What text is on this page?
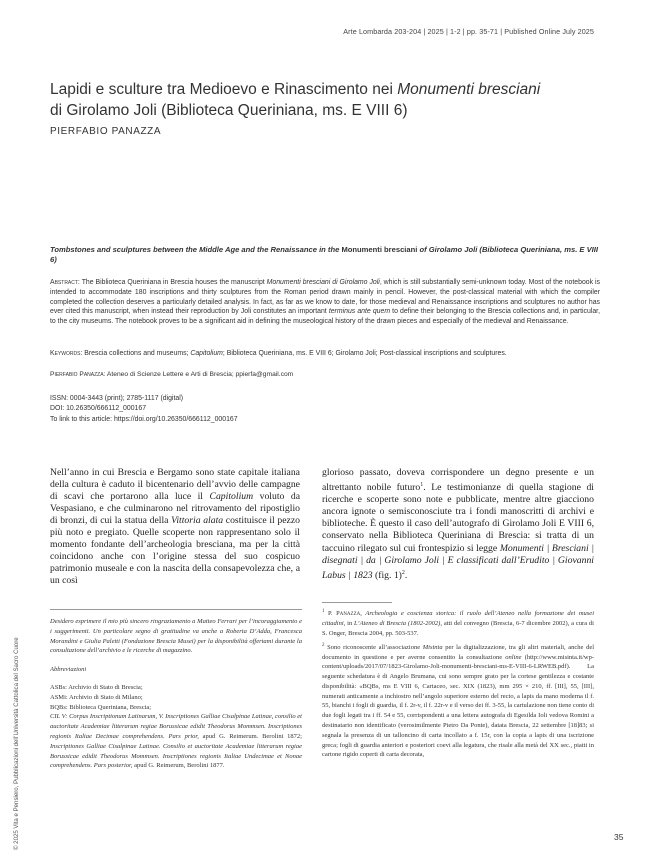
Arte Lombarda 203-204 | 2025 | 1-2 | pp. 35-71 | Published Online July 2025
Lapidi e sculture tra Medioevo e Rinascimento nei Monumenti bresciani
di Girolamo Joli (Biblioteca Queriniana, ms. E VIII 6)
PIERFABIO PANAZZA

Tombstones and sculptures between the Middle Age and the Renaissance in the Monumenti bresciani of Girolamo Joli (Biblioteca Queriniana, ms. E VIII 6)

Abstract: The Biblioteca Queriniana in Brescia houses the manuscript Monumenti bresciani di Girolamo Joli, which is still substantially semi-unknown today. Most of the notebook is intended to accommodate 180 inscriptions and thirty sculptures from the Roman period drawn mainly in pencil. However, the post-classical material with which the compiler completed the collection deserves a particularly detailed analysis. In fact, as far as we know to date, for those medieval and Renaissance inscriptions and sculptures no author has ever cited this manuscript, when instead their reproduction by Joli constitutes an important terminus ante quem to define their belonging to the Brescia collections and, in particular, to the city museums. The notebook proves to be a significant aid in defining the museological history of the drawn pieces and especially of the medieval and Renaissance.

Keywords: Brescia collections and museums; Capitolium; Biblioteca Queriniana, ms. E VIII 6; Girolamo Joli; Post-classical inscriptions and sculptures.

Pierfabio Panazza: Ateneo di Scienze Lettere e Arti di Brescia; ppierfa@gmail.com

ISSN: 0004-3443 (print); 2785-1117 (digital)
DOI: 10.26350/666112_000167
To link to this article: https://doi.org/10.26350/666112_000167

Nell’anno in cui Brescia e Bergamo sono state capitale italiana della cultura è caduto il bicentenario dell’avvio delle campagne di scavi che portarono alla luce il Capitolium voluto da Vespasiano, e che culminarono nel ritrovamento del ripostiglio di bronzi, di cui la statua della Vittoria alata costituisce il pezzo più noto e pregiato. Quelle scoperte non rappresentano solo il momento fondante dell’archeologia bresciana, ma per la città coincidono anche con l’origine stessa del suo cospicuo patrimonio museale e con la nascita della consapevolezza che, a un così

glorioso passato, doveva corrispondere un degno presente e un altrettanto nobile futuro$^1$. Le testimonianze di quella stagione di ricerche e scoperte sono note e pubblicate, mentre altre giacciono ancora ignote o semisconosciute tra i fondi manoscritti di archivi e biblioteche. È questo il caso dell’autografo di Girolamo Joli E VIII 6, conservato nella Biblioteca Queriniana di Brescia: si tratta di un taccuino rilegato sul cui frontespizio si legge Monumenti | Bresciani | disegnati | da | Girolamo Joli | E classificati dall’Erudito | Giovanni Labus | 1823 (fig. 1)$^2$.

Desidero esprimere il mio più sincero ringraziamento a Matteo Ferrari per l’incoraggiamento e i suggerimenti. Un particolare segno di gratitudine va anche a Roberta D’Adda, Francesca Morandini e Giulia Paletti (Fondazione Brescia Musei) per la disponibilità offertami durante la consultazione dell’archivio e le ricerche di magazzino.

Abbreviazioni

ASBs: Archivio di Stato di Brescia;

ASMi: Archivio di Stato di Milano;

BQBs: Biblioteca Queriniana, Brescia;

CIL V: Corpus Inscriptionum Latinarum, V. Inscriptiones Galliae Cisalpinae Latinae, consilio et auctoritate Academiae litterarum regiae Borussicae edidit Theodorus Mommsen. Inscriptiones regionis Italiae Decimae comprehendens. Pars prior, apud G. Reimerum. Berolini 1872; Inscriptiones Galliae Cisalpinae Latinae. Consilio et auctoritate Academiae litterarum regiae Borussicae edidit Theodorus Mommsen. Inscriptiones regionis Italiae Undecimae et Nonae comprehendens. Pars posterior, apud G. Reimerum, Berolini 1877.

$^1$ P. Panazza, Archeologia e coscienza storica: il ruolo dell’Ateneo nella formazione dei musei cittadini, in L’Ateneo di Brescia (1802-2002), atti del convegno (Brescia, 6-7 dicembre 2002), a cura di S. Onger, Brescia 2004, pp. 503-537.

$^2$ Sono riconoscente all’associazione Misinta per la digitalizzazione, tra gli altri materiali, anche del documento in questione e per averne consentito la consultazione online (http://www.misinta.it/wp-content/uploads/2017/07/1823-Girolamo-Joli-monumenti-bresciani-ms-E-VIII-6-LRWEB.pdf). La seguente schedatura è di Angelo Brumana, cui sono sempre grato per la cortese gentilezza e costante disponibilità: «BQBs, ms E VIII 6, Cartaceo, sec. XIX (1823), mm 295 × 210, ff. [III], 55, [III], numerati anticamente a inchiostro nell’angolo superiore esterno del recto, a lapis da mano moderna il f. 55, bianchi i fogli di guardia, il f. 2r-v, il f. 22r-v e il verso dei ff. 3-55, la cartulazione non tiene conto di due fogli legati tra i ff. 54 e 55, corrispondenti a una lettera autografa di Egesilda Ioli vedova Romini a destinatario non identificato (verosimilmente Pietro Da Ponte), datata Brescia, 22 settembre [18]83; si segnala la presenza di un talloncino di carta incollato a f. 15r, con la copia a lapis di una iscrizione greca; fogli di guardia anteriori e posteriori coevi alla legatura, che risale alla metà del XX sec., piatti in cartone rigido coperti di carta decorata,

© 2025 Vita e Pensiero, Pubblicazioni dell’Università Cattolica del Sacro Cuore	35
